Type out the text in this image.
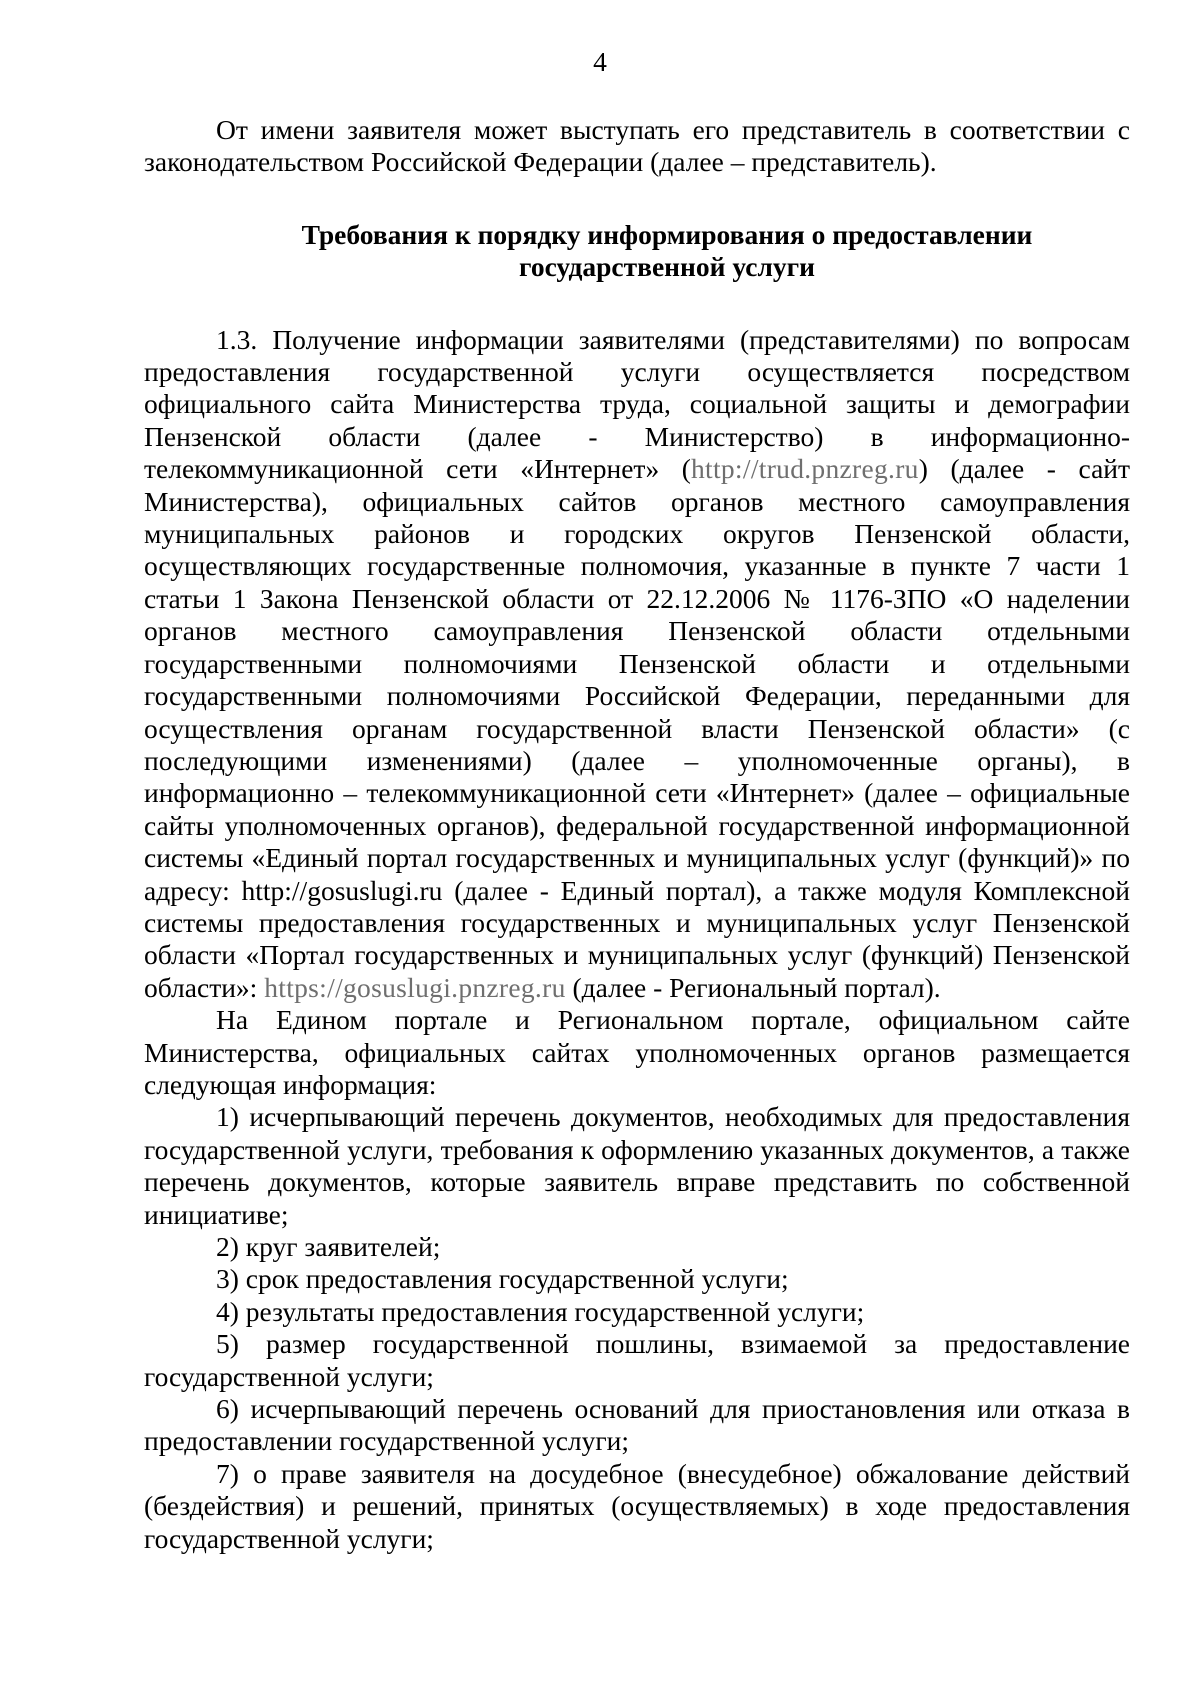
4

От имени заявителя может выступать его представитель в соответствии с законодательством Российской Федерации (далее – представитель).

Требования к порядку информирования о предоставлении
государственной услуги

1.3. Получение информации заявителями (представителями) по вопросам предоставления государственной услуги осуществляется посредством официального сайта Министерства труда, социальной защиты и демографии Пензенской области (далее - Министерство) в информационно-телекоммуникационной сети «Интернет» (http://trud.pnzreg.ru) (далее - сайт Министерства), официальных сайтов органов местного самоуправления муниципальных районов и городских округов Пензенской области, осуществляющих государственные полномочия, указанные в пункте 7 части 1 статьи 1 Закона Пензенской области от 22.12.2006 № 1176-ЗПО «О наделении органов местного самоуправления Пензенской области отдельными государственными полномочиями Пензенской области и отдельными государственными полномочиями Российской Федерации, переданными для осуществления органам государственной власти Пензенской области» (с последующими изменениями) (далее – уполномоченные органы), в информационно – телекоммуникационной сети «Интернет» (далее – официальные сайты уполномоченных органов), федеральной государственной информационной системы «Единый портал государственных и муниципальных услуг (функций)» по адресу: http://gosuslugi.ru (далее - Единый портал), а также модуля Комплексной системы предоставления государственных и муниципальных услуг Пензенской области «Портал государственных и муниципальных услуг (функций) Пензенской области»: https://gosuslugi.pnzreg.ru (далее - Региональный портал).

На Едином портале и Региональном портале, официальном сайте Министерства, официальных сайтах уполномоченных органов размещается следующая информация:

1) исчерпывающий перечень документов, необходимых для предоставления государственной услуги, требования к оформлению указанных документов, а также перечень документов, которые заявитель вправе представить по собственной инициативе;

2) круг заявителей;

3) срок предоставления государственной услуги;

4) результаты предоставления государственной услуги;

5) размер государственной пошлины, взимаемой за предоставление государственной услуги;

6) исчерпывающий перечень оснований для приостановления или отказа в предоставлении государственной услуги;

7) о праве заявителя на досудебное (внесудебное) обжалование действий (бездействия) и решений, принятых (осуществляемых) в ходе предоставления государственной услуги;
